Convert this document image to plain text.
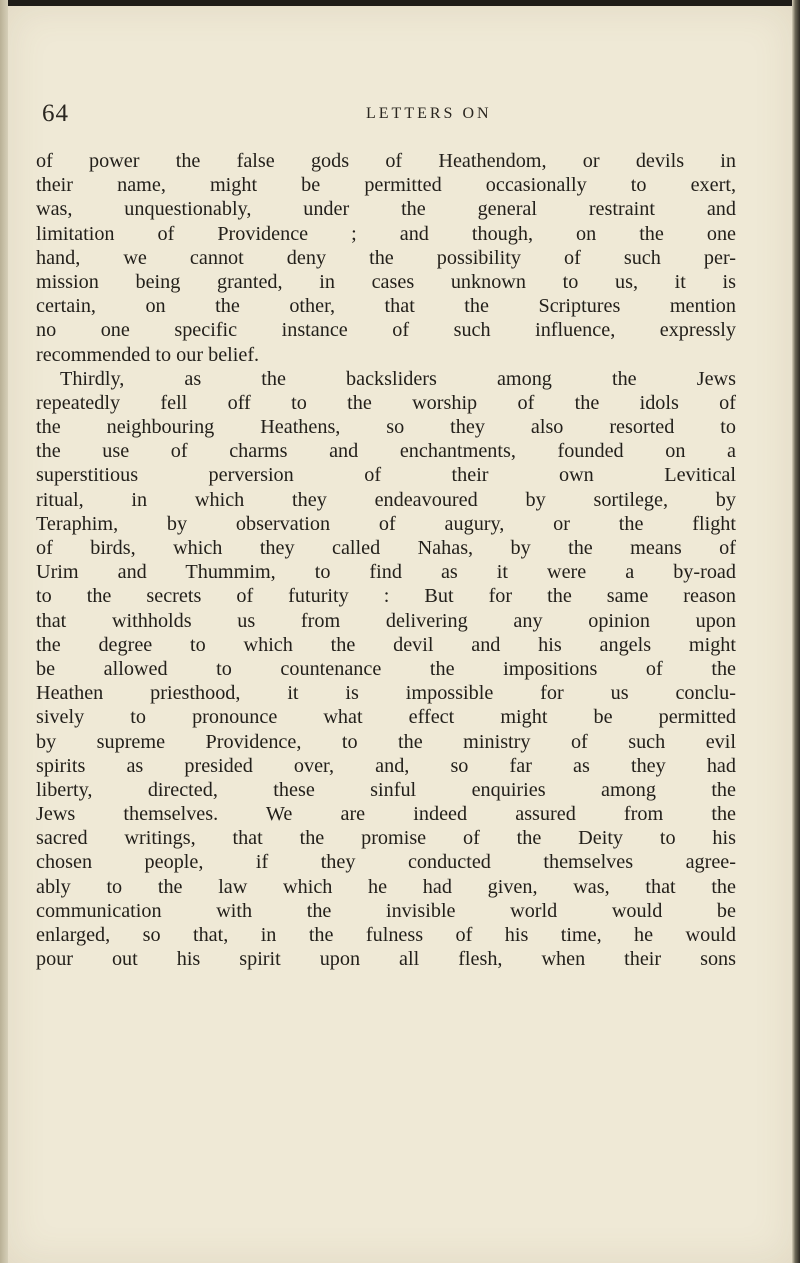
64	LETTERS ON
of power the false gods of Heathendom, or devils in
their name, might be permitted occasionally to exert,
was, unquestionably, under the general restraint and
limitation of Providence ; and though, on the one
hand, we cannot deny the possibility of such per-
mission being granted, in cases unknown to us, it is
certain, on the other, that the Scriptures mention
no one specific instance of such influence, expressly
recommended to our belief.
Thirdly, as the backsliders among the Jews
repeatedly fell off to the worship of the idols of
the neighbouring Heathens, so they also resorted to
the use of charms and enchantments, founded on a
superstitious perversion of their own Levitical
ritual, in which they endeavoured by sortilege, by
Teraphim, by observation of augury, or the flight
of birds, which they called Nahas, by the means of
Urim and Thummim, to find as it were a by-road
to the secrets of futurity : But for the same reason
that withholds us from delivering any opinion upon
the degree to which the devil and his angels might
be allowed to countenance the impositions of the
Heathen priesthood, it is impossible for us conclu-
sively to pronounce what effect might be permitted
by supreme Providence, to the ministry of such evil
spirits as presided over, and, so far as they had
liberty, directed, these sinful enquiries among the
Jews themselves. We are indeed assured from the
sacred writings, that the promise of the Deity to his
chosen people, if they conducted themselves agree-
ably to the law which he had given, was, that the
communication with the invisible world would be
enlarged, so that, in the fulness of his time, he would
pour out his spirit upon all flesh, when their sons
